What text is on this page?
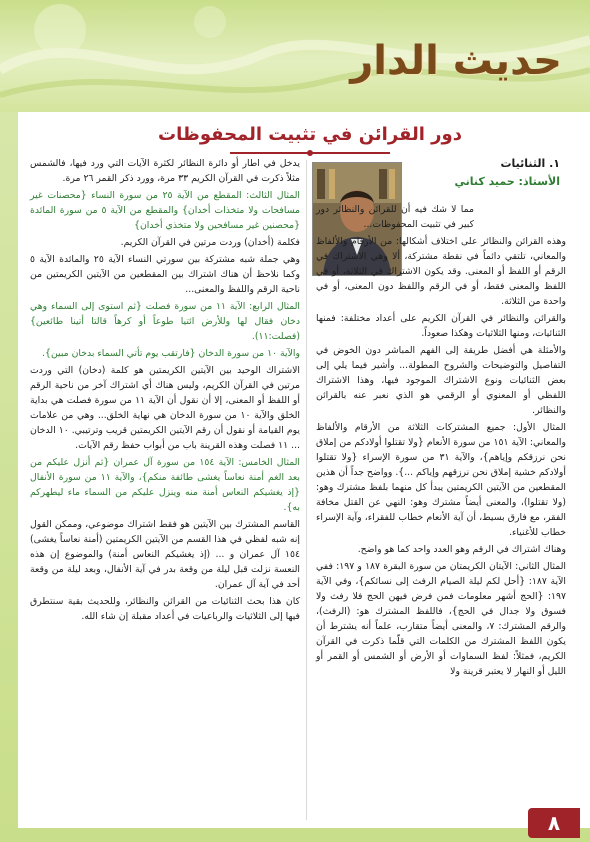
حديث الدار
دور القرائن في تثبيت المحفوظات
١. الثنائيات
الأستاذ: حميد كناني

مما لا شك فيه أن للقرائن والنظائر دور كبير في تثبيت المحفوظات...

وهذه القرائن والنظائر على اختلاف أشكالها: من الأرقام والألفاظ والمعاني، تلتقي دائماً في نقطة مشتركة، ألا وهي الاشتراك في الرقم أو اللفظ أو المعنى. وقد يكون الاشتراك في الثلاثة، أو في اللفظ والمعنى فقط، أو في الرقم واللفظ دون المعنى، أو في واحدة من الثلاثة.

والقرائن والنظائر في القرآن الكريم على أعداد مختلفة: فمنها الثنائيات، ومنها الثلاثيات وهكذا صعوداً.

والأمثلة هي أفضل طريقة إلى الفهم المباشر دون الخوض في التفاصيل والتوضيحات والشروح المطولة... وأشير فيما يلي إلى بعض الثنائيات ونوع الاشتراك الموجود فيها، وهذا الاشتراك اللفظي أو المعنوي أو الرقمي هو الذي نعبر عنه بالقرائن والنظائر.

المثال الأول: جميع المشتركات الثلاثة من الأرقام والألفاظ والمعاني: الآية ١٥١ من سورة الأنعام {ولا تقتلوا أولادكم من إملاق نحن نرزقكم وإياهم}، والآية ٣١ من سورة الإسراء {ولا تقتلوا أولادكم خشية إملاق نحن نرزقهم وإياكم ...}. وواضح جداً أن هذين المقطعين من الآيتين الكريمتين يبدأ كل منهما بلفظ مشترك وهو: (ولا تقتلوا)، والمعنى أيضاً مشترك وهو: النهي عن القتل مخافة الفقر، مع فارق بسيط، أن آية الأنعام خطاب للفقراء، وآية الإسراء خطاب للأغنياء.

وهناك اشتراك في الرقم وهو العدد واحد كما هو واضح.

المثال الثاني: الآيتان الكريمتان من سورة البقرة ١٨٧ و ١٩٧: ففي الآية ١٨٧: {أحل لكم ليلة الصيام الرفث إلى نسائكم}، وفي الآية ١٩٧: {الحج أشهر معلومات فمن فرض فيهن الحج فلا رفث ولا فسوق ولا جدال في الحج}، فاللفظ المشترك هو: (الرفث)، والرقم المشترك: ٧، والمعنى أيضاً متقارب، علماً أنه يشترط أن يكون اللفظ المشترك من الكلمات التي قلّما ذكرت في القرآن الكريم، فمثلاً: لفظ السماوات أو الأرض أو الشمس أو القمر أو الليل أو النهار لا يعتبر قرينة ولا

يدخل في اطار أو دائرة النظائر لكثرة الآيات التي ورد فيها، فالشمس مثلاً ذكرت في القرآن الكريم ٣٣ مرة، وورد ذكر القمر ٢٦ مرة.

المثال الثالث: المقطع من الآية ٢٥ من سورة النساء {محصنات غير مسافحات ولا متخذات أخدان} والمقطع من الآية ٥ من سورة المائدة {محصنين غير مسافحين ولا متخذي أخدان}

فكلمة (أخدان) وردت مرتين في القرآن الكريم.

وهي جملة شبه مشتركة بين سورتي النساء الآية ٢٥ والمائدة الآية ٥ وكما نلاحظ أن هناك اشتراك بين المقطعين من الآيتين الكريمتين من ناحية الرقم واللفظ والمعنى...

المثال الرابع: الآية ١١ من سورة فصلت {ثم استوى إلى السماء وهي دخان فقال لها وللأرض ائتيا طوعاً أو كرهاً قالتا أتينا طائعين} (فصلت:١١).

والآية ١٠ من سورة الدخان {فارتقب يوم تأتي السماء بدخان مبين}.

الاشتراك الوحيد بين الآيتين الكريمتين هو كلمة (دخان) التي وردت مرتين في القرآن الكريم، وليس هناك أي اشتراك آخر من ناحية الرقم أو اللفظ أو المعنى، إلا أن نقول أن الآية ١١ من سورة فصلت هي بداية الخلق والآية ١٠ من سورة الدخان هي نهاية الخلق... وهي من علامات يوم القيامة أو نقول أن رقم الآيتين الكريمتين قريب وترتيبي. ١٠ الدخان ... ١١ فصلت وهذه القرينة باب من أبواب حفظ رقم الآيات.

المثال الخامس: الآية ١٥٤ من سورة آل عمران {ثم أنزل عليكم من بعد الغم أمنة نعاساً يغشى طائفة منكم}، والآية ١١ من سورة الأنفال {إذ يغشيكم النعاس أمنة منه وينزل عليكم من السماء ماء ليطهركم به}.

القاسم المشترك بين الآيتين هو فقط اشتراك موضوعي، وممكن القول إنه شبه لفظي في هذا القسم من الآيتين الكريمتين (أمنة نعاساً يغشى) ١٥٤ آل عمران و ... (إذ يغشيكم النعاس أمنة) والموضوع إن هذه النعسة نزلت قبل ليلة من وقعة بدر في آية الأنفال، وبعد ليلة من وقعة أحد في آية آل عمران.

كان هذا بحث الثنائيات من القرائن والنظائر، وللحديث بقية سنتطرق فيها إلى الثلاثيات والرباعيات في أعداد مقبلة إن شاء الله.

٨
